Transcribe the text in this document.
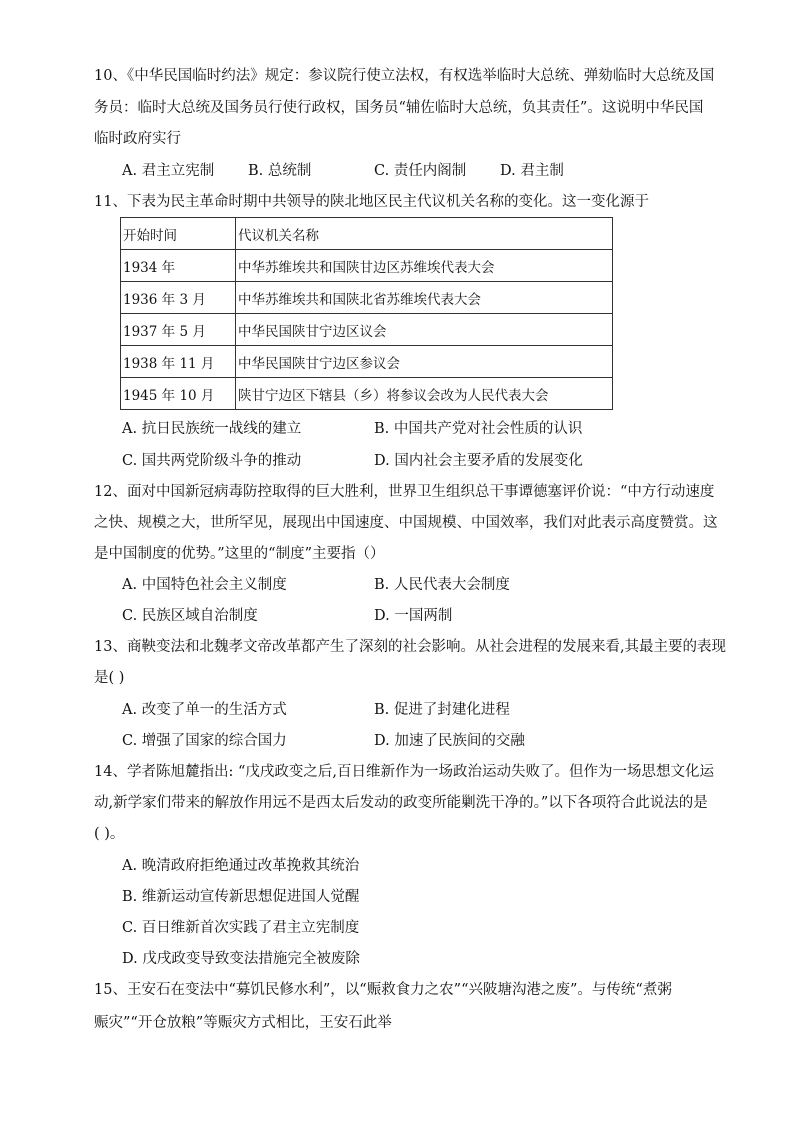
10、《中华民国临时约法》规定：参议院行使立法权，有权选举临时大总统、弹劾临时大总统及国
务员：临时大总统及国务员行使行政权，国务员“辅佐临时大总统，负其责任”。这说明中华民国
临时政府实行
A. 君主立宪制 B. 总统制	C. 责任内阁制 D. 君主制
11、下表为民主革命时期中共领导的陕北地区民主代议机关名称的变化。这一变化源于
开始时间	代议机关名称
1934 年	中华苏维埃共和国陕甘边区苏维埃代表大会
1936 年 3 月	中华苏维埃共和国陕北省苏维埃代表大会
1937 年 5 月	中华民国陕甘宁边区议会
1938 年 11 月	中华民国陕甘宁边区参议会
1945 年 10 月	陕甘宁边区下辖县（乡）将参议会改为人民代表大会
A. 抗日民族统一战线的建立	B. 中国共产党对社会性质的认识
C. 国共两党阶级斗争的推动	D. 国内社会主要矛盾的发展变化
12、面对中国新冠病毒防控取得的巨大胜利，世界卫生组织总干事谭德塞评价说：“中方行动速度
之快、规模之大，世所罕见，展现出中国速度、中国规模、中国效率，我们对此表示高度赞赏。这
是中国制度的优势。”这里的“制度”主要指（）
A. 中国特色社会主义制度	B. 人民代表大会制度
C. 民族区域自治制度	D. 一国两制
13、商鞅变法和北魏孝文帝改革都产生了深刻的社会影响。从社会进程的发展来看,其最主要的表现
是( )
A. 改变了单一的生活方式	B. 促进了封建化进程
C. 增强了国家的综合国力	D. 加速了民族间的交融
14、学者陈旭麓指出: “戊戌政变之后,百日维新作为一场政治运动失败了。但作为一场思想文化运
动,新学家们带来的解放作用远不是西太后发动的政变所能剿洗干净的。”以下各项符合此说法的是
( )。
A. 晚清政府拒绝通过改革挽救其统治
B. 维新运动宣传新思想促进国人觉醒
C. 百日维新首次实践了君主立宪制度
D. 戊戌政变导致变法措施完全被废除
15、王安石在变法中“募饥民修水利”，以“赈救食力之农”“兴陂塘沟港之废”。与传统“煮粥
赈灾”“开仓放粮”等赈灾方式相比，王安石此举
